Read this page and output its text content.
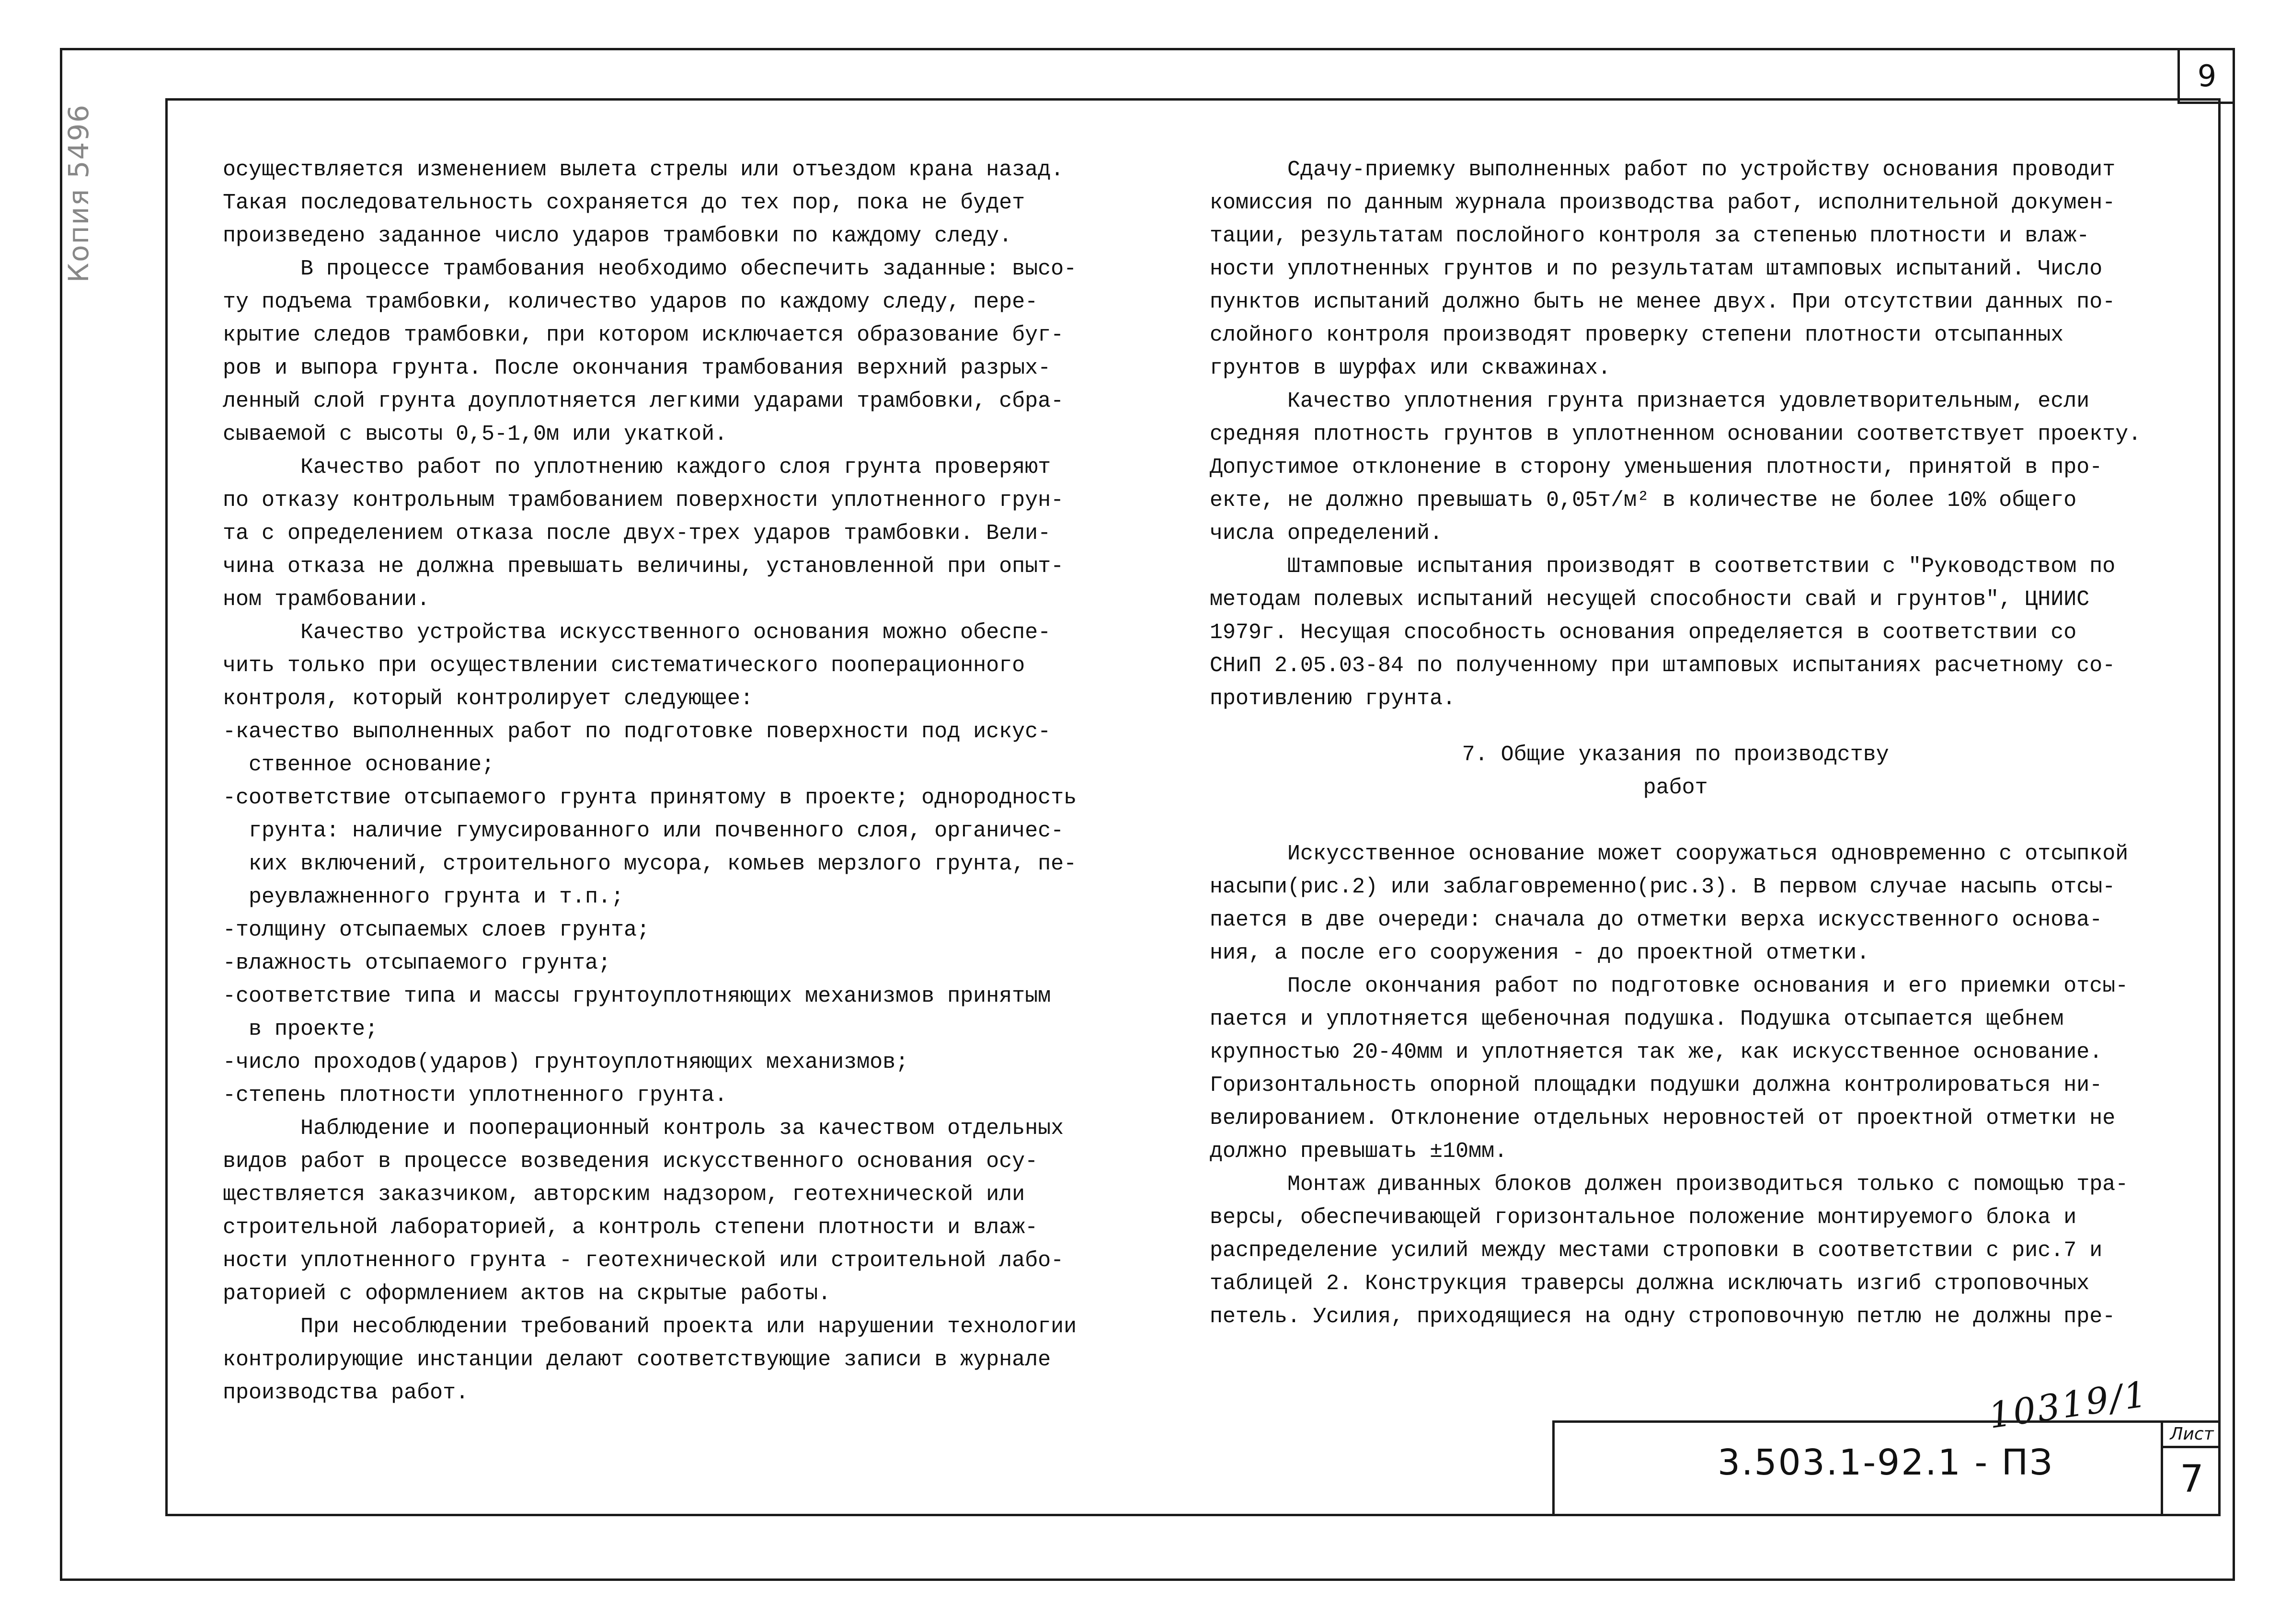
9
Копия 5496	осуществляется изменением вылета стрелы или отъездом крана назад.
Такая последовательность сохраняется до тех пор, пока не будет
произведено заданное число ударов трамбовки по каждому следу.
В процессе трамбования необходимо обеспечить заданные: высо-
ту подъема трамбовки, количество ударов по каждому следу, пере-
крытие следов трамбовки, при котором исключается образование буг-
ров и выпора грунта. После окончания трамбования верхний разрых-
ленный слой грунта доуплотняется легкими ударами трамбовки, сбра-
сываемой с высоты 0,5-1,0м или укаткой.
Качество работ по уплотнению каждого слоя грунта проверяют
по отказу контрольным трамбованием поверхности уплотненного грун-
та с определением отказа после двух-трех ударов трамбовки. Вели-
чина отказа не должна превышать величины, установленной при опыт-
ном трамбовании.
Качество устройства искусственного основания можно обеспе-
чить только при осуществлении систематического пооперационного
контроля, который контролирует следующее:
-качество выполненных работ по подготовке поверхности под искус-
ственное основание;
-соответствие отсыпаемого грунта принятому в проекте; однородность
грунта: наличие гумусированного или почвенного слоя, органичес-
ких включений, строительного мусора, комьев мерзлого грунта, пе-
реувлажненного грунта и т.п.;
-толщину отсыпаемых слоев грунта;
-влажность отсыпаемого грунта;
-соответствие типа и массы грунтоуплотняющих механизмов принятым
в проекте;
-число проходов(ударов) грунтоуплотняющих механизмов;
-степень плотности уплотненного грунта.
Наблюдение и пооперационный контроль за качеством отдельных
видов работ в процессе возведения искусственного основания осу-
ществляется заказчиком, авторским надзором, геотехнической или
строительной лабораторией, а контроль степени плотности и влаж-
ности уплотненного грунта - геотехнической или строительной лабо-
раторией с оформлением актов на скрытые работы.
При несоблюдении требований проекта или нарушении технологии
контролирующие инстанции делают соответствующие записи в журнале
производства работ.
Сдачу-приемку выполненных работ по устройству основания проводит
комиссия по данным журнала производства работ, исполнительной докумен-
тации, результатам послойного контроля за степенью плотности и влаж-
ности уплотненных грунтов и по результатам штамповых испытаний. Число
пунктов испытаний должно быть не менее двух. При отсутствии данных по-
слойного контроля производят проверку степени плотности отсыпанных
грунтов в шурфах или скважинах.
Качество уплотнения грунта признается удовлетворительным, если
средняя плотность грунтов в уплотненном основании соответствует проекту.
Допустимое отклонение в сторону уменьшения плотности, принятой в про-
екте, не должно превышать 0,05т/м² в количестве не более 10% общего
числа определений.
Штамповые испытания производят в соответствии с "Руководством по
методам полевых испытаний несущей способности свай и грунтов", ЦНИИС
1979г. Несущая способность основания определяется в соответствии со
СНиП 2.05.03-84 по полученному при штамповых испытаниях расчетному со-
противлению грунта.
7. Общие указания по производству
работ
Искусственное основание может сооружаться одновременно с отсыпкой
насыпи(рис.2) или заблаговременно(рис.3). В первом случае насыпь отсы-
пается в две очереди: сначала до отметки верха искусственного основа-
ния, а после его сооружения - до проектной отметки.
После окончания работ по подготовке основания и его приемки отсы-
пается и уплотняется щебеночная подушка. Подушка отсыпается щебнем
крупностью 20-40мм и уплотняется так же, как искусственное основание.
Горизонтальность опорной площадки подушки должна контролироваться ни-
велированием. Отклонение отдельных неровностей от проектной отметки не
должно превышать ±10мм.
Монтаж диванных блоков должен производиться только с помощью тра-
версы, обеспечивающей горизонтальное положение монтируемого блока и
распределение усилий между местами строповки в соответствии с рис.7 и
таблицей 2. Конструкция траверсы должна исключать изгиб строповочных
петель. Усилия, приходящиеся на одну строповочную петлю не должны пре-
10319/1
3.503.1-92.1 - ПЗ
Лист
7
